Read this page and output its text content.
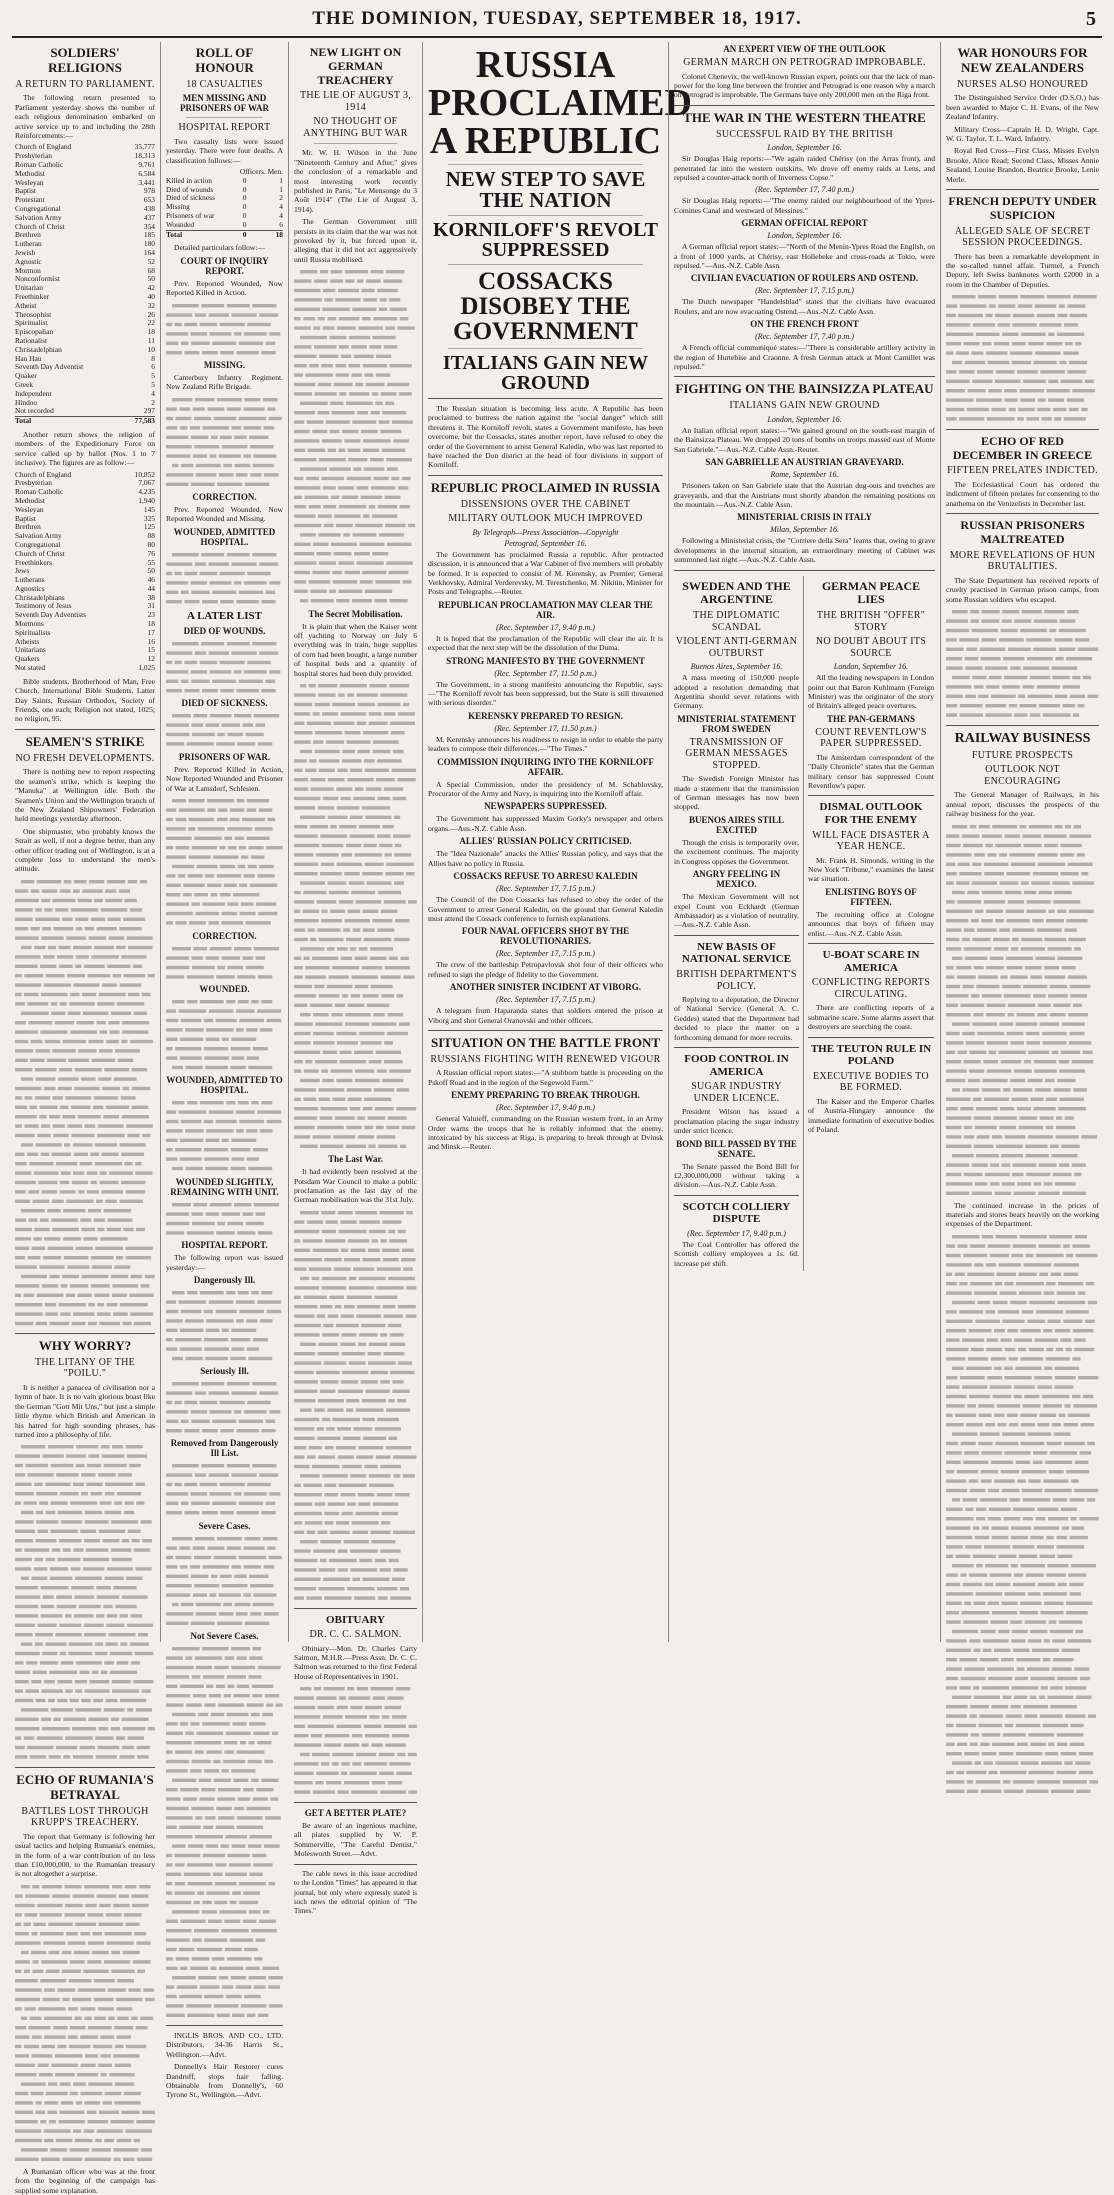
THE DOMINION, TUESDAY, SEPTEMBER 18, 1917.	5
SOLDIERS' RELIGIONS
A RETURN TO PARLIAMENT.
The following return presented to Parliament yesterday shows the number of each religious denomination embarked on active service up to and including the 28th Reinforcements:—
Church of England	35,777
Presbyterian	18,313
Roman Catholic	9,761
Methodist	6,584
Wesleyan	3,441
Baptist	978
Protestant	653
Congregational	438
Salvation Army	437
Church of Christ	354
Brethren	185
Lutheran	180
Jewish	164
Agnostic	52
Mormon	68
Nonconformist	50
Unitarian	42
Freethinker	40
Atheist	32
Theosophist	26
Spiritualist	22
Episcopalian	18
Rationalist	11
Christadelphian	10
Hau Hau	8
Seventh Day Adventist	6
Quaker	5
Greek	5
Independent	4
Hindoo	2
Not recorded	297
Total	77,583
Another return shows the religion of members of the Expeditionary Force on service called up by ballot (Nos. 1 to 7 inclusive). The figures are as follow:—
Church of England	10,852
Presbyterian	7,067
Roman Catholic	4,235
Methodist	1,940
Wesleyan	145
Baptist	325
Brethren	125
Salvation Army	88
Congregational	80
Church of Christ	76
Freethinkers	55
Jews	50
Lutherans	46
Agnostics	44
Christadelphians	38
Testimony of Jesus	31
Seventh Day Adventists	23
Mormons	18
Spiritualists	17
Atheists	16
Unitarians	15
Quakers	12
Not stated	1,025
Bible students, Brotherhood of Man, Free Church, International Bible Students, Latter Day Saints, Russian Orthodox, Society of Friends, one each; Religion not stated, 1025; no religion, 95.
SEAMEN'S STRIKE
NO FRESH DEVELOPMENTS.
There is nothing new to report respecting the seamen's strike, which is keeping the "Manuka" at Wellington idle. Both the Seamen's Union and the Wellington branch of the New Zealand Shipowners' Federation held meetings yesterday afternoon.
One shipmaster, who probably knows the Strait as well, if not a degree better, than any other officer trading out of Wellington, is at a complete loss to understand the men's attitude.
WHY WORRY?
THE LITANY OF THE "POILU."
It is neither a panacea of civilisation nor a hymn of hate. It is no vain glorious boast like the German "Gott Mit Uns," but just a simple little rhyme which British and American in his hatred for high sounding phrases, has turned into a philosophy of life.
ECHO OF RUMANIA'S BETRAYAL
BATTLES LOST THROUGH KRUPP'S TREACHERY.
The report that Germany is following her usual tactics and helping Rumania's enemies, in the form of a war contribution of no less than £10,000,000, to the Rumanian treasury is not altogether a surprise.
A Rumanian officer who was at the front from the beginning of the campaign has supplied some explanation.
ROLL OF HONOUR
18 CASUALTIES
MEN MISSING AND PRISONERS OF WAR
HOSPITAL REPORT
Two casualty lists were issued yesterday. There were four deaths. A classification follows:—
	Officers. Men.	
Killed in action	0	1
Died of wounds	0	1
Died of sickness	0	2
Missing	0	4
Prisoners of war	0	4
Wounded	0	6
Total	0	18
Detailed particulars follow:—
COURT OF INQUIRY REPORT.
Prev. Reported Wounded, Now Reported Killed in Action.
MISSING.
Canterbury Infantry Regiment. New Zealand Rifle Brigade.
CORRECTION.
Prev. Reported Wounded, Now Reported Wounded and Missing.
WOUNDED, ADMITTED HOSPITAL.
A LATER LIST
DIED OF WOUNDS.
DIED OF SICKNESS.
PRISONERS OF WAR.
Prev. Reported Killed in Action, Now Reported Wounded and Prisoner of War at Lamsdorf, Schlesien.
CORRECTION.
WOUNDED.
WOUNDED, ADMITTED TO HOSPITAL.
WOUNDED SLIGHTLY, REMAINING WITH UNIT.
HOSPITAL REPORT.
The following report was issued yesterday:—
Dangerously Ill.
Seriously Ill.
Removed from Dangerously Ill List.
Severe Cases.
Not Severe Cases.
INGLIS BROS. AND CO., LTD. Distributors, 34-36 Harris St., Wellington.—Advt.
Donnelly's Hair Restorer cures Dandruff, stops hair falling. Obtainable from Donnelly's, 60 Tyrone St., Wellington.—Advt.
NEW LIGHT ON GERMAN TREACHERY
THE LIE OF AUGUST 3, 1914
NO THOUGHT OF ANYTHING BUT WAR
Mr. W. H. Wilson in the June "Nineteenth Century and After," gives the conclusion of a remarkable and most interesting work recently published in Paris, "Le Mensonge du 3 Août 1914" (The Lie of August 3, 1914).
The German Government still persists in its claim that the war was not provoked by it, but forced upon it, alleging that it did not act aggressively until Russia mobilised.
The Secret Mobilisation.
It is plain that when the Kaiser went off yachting to Norway on July 6 everything was in train, huge supplies of corn had been bought, a large number of hospital beds and a quantity of hospital stores had been duly provided.
The Last War.
It had evidently been resolved at the Potsdam War Council to make a public proclamation as the last day of the German mobilisation was the 31st July.
OBITUARY
DR. C. C. SALMON.
Obituary—Mon. Dr. Charles Carty Salmon, M.H.R.—Press Assn. Dr. C. C. Salmon was returned to the first Federal House of Representatives in 1901.
GET A BETTER PLATE?
Be aware of an ingenious machine, all plates supplied by W. P. Sommerville, "The Careful Dentist," Molesworth Street.—Advt.
The cable news in this issue accredited to the London "Times" has appeared in that journal, but only where expressly stated is such news the editorial opinion of "The Times."
RUSSIA PROCLAIMED A REPUBLIC
NEW STEP TO SAVE THE NATION
KORNILOFF'S REVOLT SUPPRESSED
COSSACKS DISOBEY THE GOVERNMENT
ITALIANS GAIN NEW GROUND
The Russian situation is becoming less acute. A Republic has been proclaimed to buttress the nation against the "social danger" which still threatens it. The Korniloff revolt, states a Government manifesto, has been overcome, but the Cossacks, states another report, have refused to obey the order of the Government to arrest General Kaledin, who was last reported to have reached the Don district at the head of four divisions in support of Korniloff.
REPUBLIC PROCLAIMED IN RUSSIA
DISSENSIONS OVER THE CABINET
MILITARY OUTLOOK MUCH IMPROVED
By Telegraph—Press Association—Copyright
Petrograd, September 16.
The Government has proclaimed Russia a republic. After protracted discussion, it is announced that a War Cabinet of five members will probably be formed. It is expected to consist of M. Kerensky, as Premier; General Verkhovsky, Admiral Verderevsky, M. Terestchenko, M. Nikitin, Minister for Posts and Telegraphs.—Reuter.
REPUBLICAN PROCLAMATION MAY CLEAR THE AIR.
(Rec. September 17, 9.40 p.m.)
It is hoped that the proclamation of the Republic will clear the air. It is expected that the next step will be the dissolution of the Duma.
STRONG MANIFESTO BY THE GOVERNMENT
(Rec. September 17, 11.50 p.m.)
The Government, in a strong manifesto announcing the Republic, says:—"The Korniloff revolt has been suppressed, but the State is still threatened with serious disorder."
KERENSKY PREPARED TO RESIGN.
(Rec. September 17, 11.50 p.m.)
M. Kerensky announces his readiness to resign in order to enable the party leaders to compose their differences.—"The Times."
COMMISSION INQUIRING INTO THE KORNILOFF AFFAIR.
A Special Commission, under the presidency of M. Schablovsky, Procurator of the Army and Navy, is inquiring into the Korniloff affair.
NEWSPAPERS SUPPRESSED.
The Government has suppressed Maxim Gorky's newspaper and others organs.—Aus.-N.Z. Cable Assn.
ALLIES' RUSSIAN POLICY CRITICISED.
The "Idea Nazionale" attacks the Allies' Russian policy, and says that the Allies have no policy in Russia.
COSSACKS REFUSE TO ARRESU KALEDIN
(Rec. September 17, 7.15 p.m.)
The Council of the Don Cossacks has refused to obey the order of the Government to arrest General Kaledin, on the ground that General Kaledin must attend the Cossack conference to furnish explanations.
FOUR NAVAL OFFICERS SHOT BY THE REVOLUTIONARIES.
(Rec. September 17, 7.15 p.m.)
The crew of the battleship Petropavlovsk shot four of their officers who refused to sign the pledge of fidelity to the Government.
ANOTHER SINISTER INCIDENT AT VIBORG.
(Rec. September 17, 7.15 p.m.)
A telegram from Haparanda states that soldiers entered the prison at Viborg and shot General Oranovski and other officers.
SITUATION ON THE BATTLE FRONT
RUSSIANS FIGHTING WITH RENEWED VIGOUR
A Russian official report states:—"A stubborn battle is proceeding on the Pskoff Road and in the region of the Segewold Farm."
ENEMY PREPARING TO BREAK THROUGH.
(Rec. September 17, 9.40 p.m.)
General Valuieff, commanding on the Russian western front, in an Army Order warns the troops that he is reliably informed that the enemy, intoxicated by his success at Riga, is preparing to break through at Dvinsk and Minsk.—Reuter.
AN EXPERT VIEW OF THE OUTLOOK
GERMAN MARCH ON PETROGRAD IMPROBABLE.
Colonel Chenevix, the well-known Russian expert, points out that the lack of man-power for the long line between the frontier and Petrograd is one reason why a march on Petrograd is improbable. The Germans have only 200,000 men on the Riga front.
THE WAR IN THE WESTERN THEATRE
SUCCESSFUL RAID BY THE BRITISH
London, September 16.
Sir Douglas Haig reports:—"We again raided Chérisy (on the Arras front), and penetrated far into the western outskirts. We drove off enemy raids at Lens, and repulsed a counter-attack north of Inverness Copse."
(Rec. September 17, 7.40 p.m.)
Sir Douglas Haig reports:—"The enemy raided our neighbourhood of the Ypres-Comines Canal and westward of Messines."
GERMAN OFFICIAL REPORT
London, September 16.
A German official report states:—"North of the Menin-Ypres Road the English, on a front of 1000 yards, at Chérisy, east Hollebeke and cross-roads at Tokio, were repulsed."—Aus.-N.Z. Cable Assn.
CIVILIAN EVACUATION OF ROULERS AND OSTEND.
(Rec. September 17, 7.15 p.m.)
The Dutch newspaper "Handelsblad" states that the civilians have evacuated Roulers, and are now evacuating Ostend.—Aus.-N.Z. Cable Assn.
ON THE FRENCH FRONT
(Rec. September 17, 7.40 p.m.)
A French official communiqué states:—"There is considerable artillery activity in the region of Hurtebise and Craonne. A fresh German attack at Mont Carnillet was repulsed."
FIGHTING ON THE BAINSIZZA PLATEAU
ITALIANS GAIN NEW GROUND
London, September 16.
An Italian official report states:—"We gained ground on the south-east margin of the Bainsizza Plateau. We dropped 20 tons of bombs on troops massed east of Monte San Gabriele."—Aus.-N.Z. Cable Assn.-Reuter.
SAN GABRIELLE AN AUSTRIAN GRAVEYARD.
Rome, September 16.
Prisoners taken on San Gabriele state that the Austrian dug-outs and trenches are graveyards, and that the Austrians must shortly abandon the remaining positions on the mountain.—Aus.-N.Z. Cable Assn.
MINISTERIAL CRISIS IN ITALY
Milan, September 16.
Following a Ministerial crisis, the "Corriere della Sera" learns that, owing to grave developments in the internal situation, an extraordinary meeting of Cabinet was summoned last night.—Aus.-N.Z. Cable Assn.
SWEDEN AND THE ARGENTINE
THE DIPLOMATIC SCANDAL
VIOLENT ANTI-GERMAN OUTBURST
Buenos Aires, September 16.
A mass meeting of 150,000 people adopted a resolution demanding that Argentina should sever relations with Germany.
MINISTERIAL STATEMENT FROM SWEDEN
TRANSMISSION OF GERMAN MESSAGES STOPPED.
The Swedish Foreign Minister has made a statement that the transmission of German messages has now been stopped.
BUENOS AIRES STILL EXCITED
Though the crisis is temporarily over, the excitement continues. The majority in Congress opposes the Government.
ANGRY FEELING IN MEXICO.
The Mexican Government will not expel Count von Eckhardt (German Ambassador) as a violation of neutrality.—Aus.-N.Z. Cable Assn.
NEW BASIS OF NATIONAL SERVICE
BRITISH DEPARTMENT'S POLICY.
Replying to a deputation, the Director of National Service (General A. C. Geddes) stated that the Department had decided to place the matter on a forthcoming demand for more recruits.
FOOD CONTROL IN AMERICA
SUGAR INDUSTRY UNDER LICENCE.
President Wilson has issued a proclamation placing the sugar industry under strict licence.
BOND BILL PASSED BY THE SENATE.
The Senate passed the Bond Bill for £2,300,000,000 without taking a division.—Aus.-N.Z. Cable Assn.
SCOTCH COLLIERY DISPUTE
(Rec. September 17, 9.40 p.m.)
The Coal Controller has offered the Scottish colliery employees a 1s. 6d. increase per shift.
GERMAN PEACE LIES
THE BRITISH "OFFER" STORY
NO DOUBT ABOUT ITS SOURCE
London, September 16.
All the leading newspapers in London point out that Baron Kuhlmann (Foreign Minister) was the originator of the story of Britain's alleged peace overtures.
THE PAN-GERMANS
COUNT REVENTLOW'S PAPER SUPPRESSED.
The Amsterdam correspondent of the "Daily Chronicle" states that the German military censor has suppressed Count Reventlow's paper.
DISMAL OUTLOOK FOR THE ENEMY
WILL FACE DISASTER A YEAR HENCE.
Mr. Frank H. Simonds, writing in the New York "Tribune," examines the latest war situation.
ENLISTING BOYS OF FIFTEEN.
The recruiting office at Cologne announces that boys of fifteen may enlist.—Aus.-N.Z. Cable Assn.
U-BOAT SCARE IN AMERICA
CONFLICTING REPORTS CIRCULATING.
There are conflicting reports of a submarine scare. Some alarms assert that destroyers are searching the coast.
THE TEUTON RULE IN POLAND
EXECUTIVE BODIES TO BE FORMED.
The Kaiser and the Emperor Charles of Austria-Hungary announce the immediate formation of executive bodies of Poland.
WAR HONOURS FOR NEW ZEALANDERS
NURSES ALSO HONOURED
The Distinguished Service Order (D.S.O.) has been awarded to Major C. H. Evans, of the New Zealand Infantry.
Military Cross—Captain H. D. Wright, Capt. W. G. Taylor, T. L. Ward, Infantry.
Royal Red Cross—First Class, Misses Evelyn Brooke, Alice Read; Second Class, Misses Annie Sealand, Louise Brandon, Beatrice Brooke, Lenie Merle.
FRENCH DEPUTY UNDER SUSPICION
ALLEGED SALE OF SECRET SESSION PROCEEDINGS.
There has been a remarkable development in the so-called tunnel affair. Turmel, a French Deputy, left Swiss banknotes worth £2000 in a room in the Chamber of Deputies.
ECHO OF RED DECEMBER IN GREECE
FIFTEEN PRELATES INDICTED.
The Ecclesiastical Court has ordered the indictment of fifteen prelates for consenting to the anathema on the Venizelists in December last.
RUSSIAN PRISONERS MALTREATED
MORE REVELATIONS OF HUN BRUTALITIES.
The State Department has received reports of cruelty practised in German prison camps, from some Russian soldiers who escaped.
RAILWAY BUSINESS
FUTURE PROSPECTS
OUTLOOK NOT ENCOURAGING
The General Manager of Railways, in his annual report, discusses the prospects of the railway business for the year.
The continued increase in the prices of materials and stores bears heavily on the working expenses of the Department.
